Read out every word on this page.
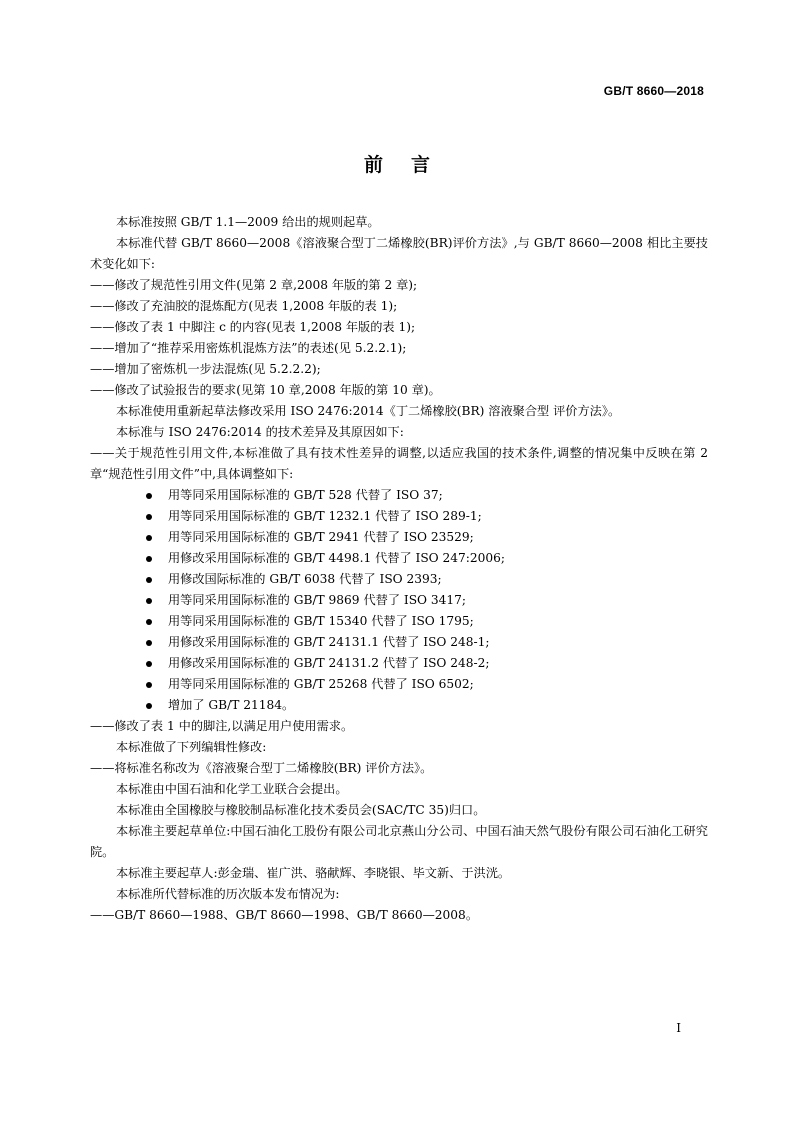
GB/T 8660—2018
前言

本标准按照 GB/T 1.1—2009 给出的规则起草。

本标准代替 GB/T 8660—2008《溶液聚合型丁二烯橡胶(BR)评价方法》,与 GB/T 8660—2008 相比主要技术变化如下:

——修改了规范性引用文件(见第 2 章,2008 年版的第 2 章);

——修改了充油胶的混炼配方(见表 1,2008 年版的表 1);

——修改了表 1 中脚注 c 的内容(见表 1,2008 年版的表 1);

——增加了“推荐采用密炼机混炼方法”的表述(见 5.2.2.1);

——增加了密炼机一步法混炼(见 5.2.2.2);

——修改了试验报告的要求(见第 10 章,2008 年版的第 10 章)。

本标准使用重新起草法修改采用 ISO 2476:2014《丁二烯橡胶(BR) 溶液聚合型 评价方法》。

本标准与 ISO 2476:2014 的技术差异及其原因如下:

——关于规范性引用文件,本标准做了具有技术性差异的调整,以适应我国的技术条件,调整的情况集中反映在第 2 章“规范性引用文件”中,具体调整如下:

用等同采用国际标准的 GB/T 528 代替了 ISO 37;
用等同采用国际标准的 GB/T 1232.1 代替了 ISO 289-1;
用等同采用国际标准的 GB/T 2941 代替了 ISO 23529;
用修改采用国际标准的 GB/T 4498.1 代替了 ISO 247:2006;
用修改国际标准的 GB/T 6038 代替了 ISO 2393;
用等同采用国际标准的 GB/T 9869 代替了 ISO 3417;
用等同采用国际标准的 GB/T 15340 代替了 ISO 1795;
用修改采用国际标准的 GB/T 24131.1 代替了 ISO 248-1;
用修改采用国际标准的 GB/T 24131.2 代替了 ISO 248-2;
用等同采用国际标准的 GB/T 25268 代替了 ISO 6502;
增加了 GB/T 21184。

——修改了表 1 中的脚注,以满足用户使用需求。

本标准做了下列编辑性修改:

——将标准名称改为《溶液聚合型丁二烯橡胶(BR) 评价方法》。

本标准由中国石油和化学工业联合会提出。

本标准由全国橡胶与橡胶制品标准化技术委员会(SAC/TC 35)归口。

本标准主要起草单位:中国石油化工股份有限公司北京燕山分公司、中国石油天然气股份有限公司石油化工研究院。

本标准主要起草人:彭金瑞、崔广洪、骆献辉、李晓银、毕文新、于洪洸。

本标准所代替标准的历次版本发布情况为:

——GB/T 8660—1988、GB/T 8660—1998、GB/T 8660—2008。

I
